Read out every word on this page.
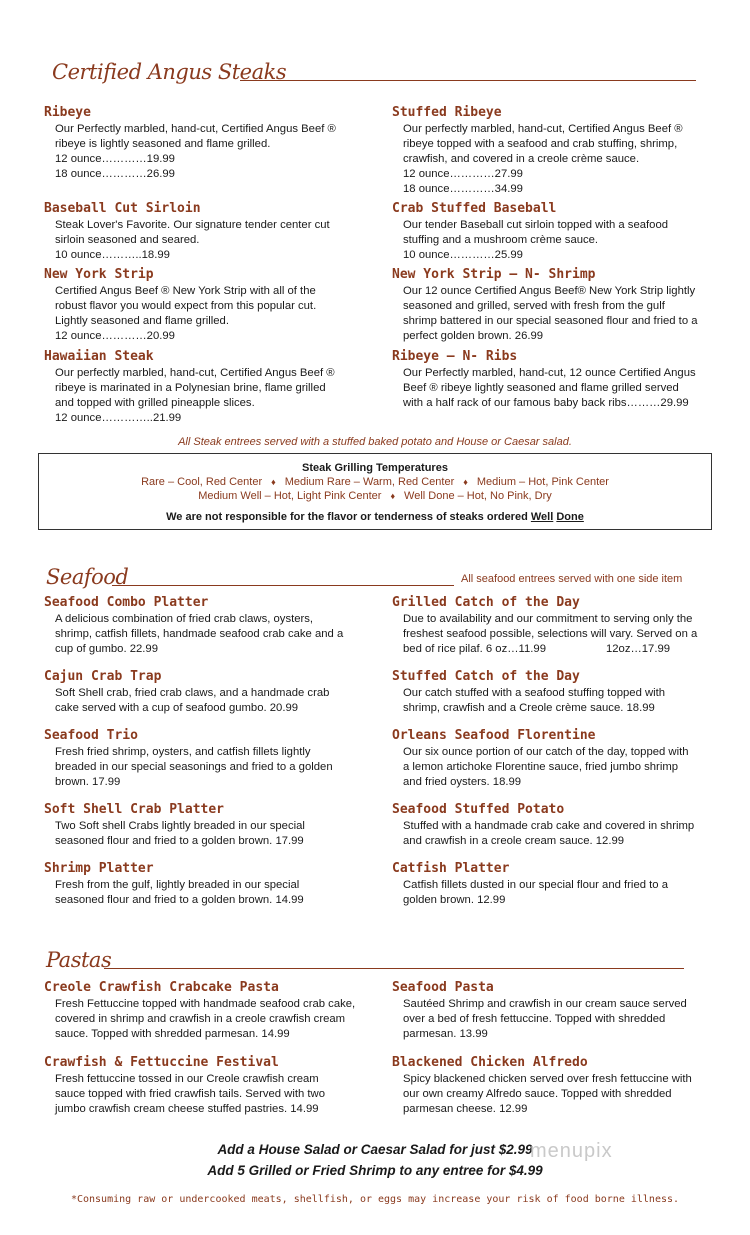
Certified Angus Steaks
Ribeye
Our Perfectly marbled, hand-cut, Certified Angus Beef ®
ribeye is lightly seasoned and flame grilled.
12 ounce…………19.99
18 ounce…………26.99
Baseball Cut Sirloin
Steak Lover's Favorite. Our signature tender center cut
sirloin seasoned and seared.
10 ounce………..18.99
New York Strip
Certified Angus Beef ® New York Strip with all of the
robust flavor you would expect from this popular cut.
Lightly seasoned and flame grilled.
12 ounce…………20.99
Hawaiian Steak
Our perfectly marbled, hand-cut, Certified Angus Beef ®
ribeye is marinated in a Polynesian brine, flame grilled
and topped with grilled pineapple slices.
12 ounce…………..21.99
Stuffed Ribeye
Our perfectly marbled, hand-cut, Certified Angus Beef ®
ribeye topped with a seafood and crab stuffing, shrimp,
crawfish, and covered in a creole crème sauce.
12 ounce…………27.99
18 ounce…………34.99
Crab Stuffed Baseball
Our tender Baseball cut sirloin topped with a seafood
stuffing and a mushroom crème sauce.
10 ounce…………25.99
New York Strip – N- Shrimp
Our 12 ounce Certified Angus Beef® New York Strip lightly
seasoned and grilled, served with fresh from the gulf
shrimp battered in our special seasoned flour and fried to a
perfect golden brown. 26.99
Ribeye – N- Ribs
Our Perfectly marbled, hand-cut, 12 ounce Certified Angus
Beef ® ribeye lightly seasoned and flame grilled served
with a half rack of our famous baby back ribs………29.99
All Steak entrees served with a stuffed baked potato and House or Caesar salad.
Steak Grilling Temperatures
Rare – Cool, Red Center ♦ Medium Rare – Warm, Red Center ♦ Medium – Hot, Pink Center
Medium Well – Hot, Light Pink Center ♦ Well Done – Hot, No Pink, Dry
We are not responsible for the flavor or tenderness of steaks ordered Well Done
Seafood	All seafood entrees served with one side item
Seafood Combo Platter
A delicious combination of fried crab claws, oysters,
shrimp, catfish fillets, handmade seafood crab cake and a
cup of gumbo. 22.99
Cajun Crab Trap
Soft Shell crab, fried crab claws, and a handmade crab
cake served with a cup of seafood gumbo. 20.99
Seafood Trio
Fresh fried shrimp, oysters, and catfish fillets lightly
breaded in our special seasonings and fried to a golden
brown. 17.99
Soft Shell Crab Platter
Two Soft shell Crabs lightly breaded in our special
seasoned flour and fried to a golden brown. 17.99
Shrimp Platter
Fresh from the gulf, lightly breaded in our special
seasoned flour and fried to a golden brown. 14.99
Grilled Catch of the Day
Due to availability and our commitment to serving only the
freshest seafood possible, selections will vary. Served on a
bed of rice pilaf. 6 oz…11.99	12oz…17.99
Stuffed Catch of the Day
Our catch stuffed with a seafood stuffing topped with
shrimp, crawfish and a Creole crème sauce. 18.99
Orleans Seafood Florentine
Our six ounce portion of our catch of the day, topped with
a lemon artichoke Florentine sauce, fried jumbo shrimp
and fried oysters. 18.99
Seafood Stuffed Potato
Stuffed with a handmade crab cake and covered in shrimp
and crawfish in a creole cream sauce. 12.99
Catfish Platter
Catfish fillets dusted in our special flour and fried to a
golden brown. 12.99
Pastas
Creole Crawfish Crabcake Pasta
Fresh Fettuccine topped with handmade seafood crab cake,
covered in shrimp and crawfish in a creole crawfish cream
sauce. Topped with shredded parmesan. 14.99
Crawfish & Fettuccine Festival
Fresh fettuccine tossed in our Creole crawfish cream
sauce topped with fried crawfish tails. Served with two
jumbo crawfish cream cheese stuffed pastries. 14.99
Seafood Pasta
Sautéed Shrimp and crawfish in our cream sauce served
over a bed of fresh fettuccine. Topped with shredded
parmesan. 13.99
Blackened Chicken Alfredo
Spicy blackened chicken served over fresh fettuccine with
our own creamy Alfredo sauce. Topped with shredded
parmesan cheese. 12.99
Add a House Salad or Caesar Salad for just $2.99
Add 5 Grilled or Fried Shrimp to any entree for $4.99
menupix
*Consuming raw or undercooked meats, shellfish, or eggs may increase your risk of food borne illness.
